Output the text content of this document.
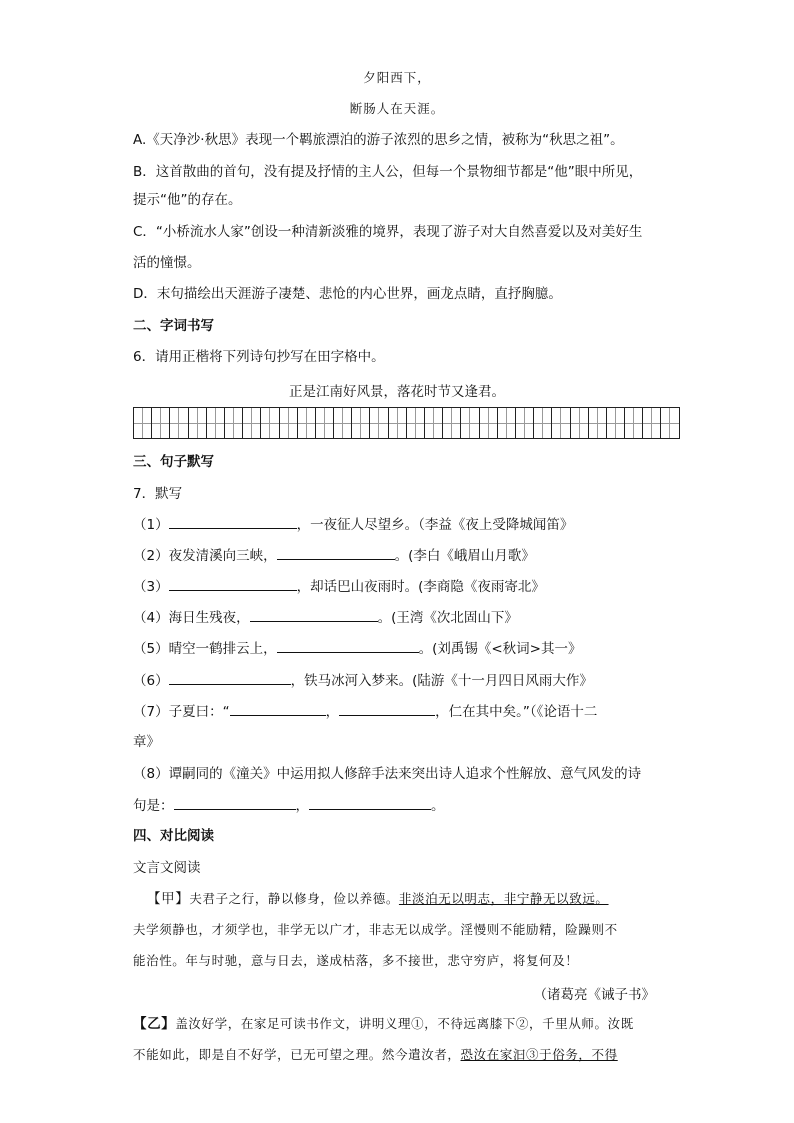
夕阳西下，
断肠人在天涯。
A.《天净沙·秋思》表现一个羁旅漂泊的游子浓烈的思乡之情，被称为“秋思之祖”。
B．这首散曲的首句，没有提及抒情的主人公，但每一个景物细节都是“他”眼中所见，
提示“他”的存在。
C．“小桥流水人家”创设一种清新淡雅的境界，表现了游子对大自然喜爱以及对美好生
活的憧憬。
D．末句描绘出天涯游子凄楚、悲怆的内心世界，画龙点睛，直抒胸臆。
二、字词书写
6．请用正楷将下列诗句抄写在田字格中。
正是江南好风景，落花时节又逢君。
三、句子默写
7．默写
（1）	，一夜征人尽望乡。（李益《夜上受降城闻笛》
（2）夜发清溪向三峡，	。(李白《峨眉山月歌》
（3）	，却话巴山夜雨时。(李商隐《夜雨寄北》
（4）海日生残夜，	。(王湾《次北固山下》
（5）晴空一鹤排云上，	。(刘禹锡《<秋词>其一》
（6）	，铁马冰河入梦来。(陆游《十一月四日风雨大作》
（7）子夏曰：“	，	，仁在其中矣。”（《论语十二
章》
（8）谭嗣同的《潼关》中运用拟人修辞手法来突出诗人追求个性解放、意气风发的诗
句是：	，	。
四、对比阅读
文言文阅读
【甲】夫君子之行，静以修身，俭以养德。非淡泊无以明志，非宁静无以致远。
夫学须静也，才须学也，非学无以广才，非志无以成学。淫慢则不能励精，险躁则不
能治性。年与时驰，意与日去，遂成枯落，多不接世，悲守穷庐，将复何及！
（诸葛亮《诫子书》
【乙】盖汝好学，在家足可读书作文，讲明义理①，不待远离膝下②，千里从师。汝既
不能如此，即是自不好学，已无可望之理。然今遣汝者，恐汝在家汩③于俗务，不得
